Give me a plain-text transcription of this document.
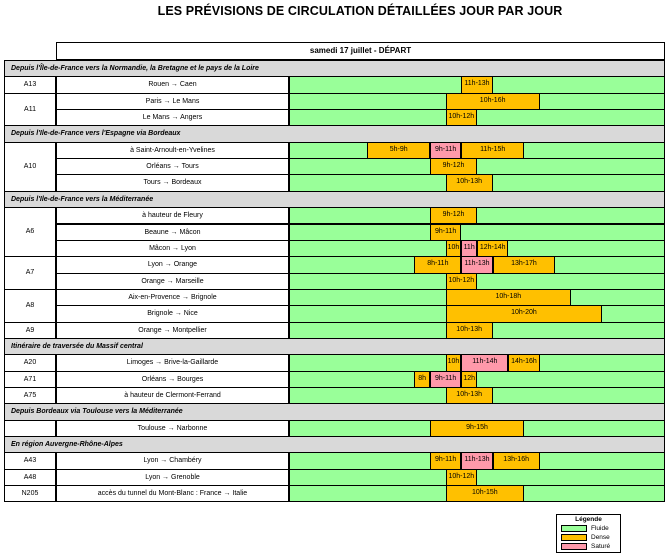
LES PRÉVISIONS DE CIRCULATION DÉTAILLÉES JOUR PAR JOUR
samedi 17 juillet - DÉPART
Depuis l'Île-de-France vers la Normandie, la Bretagne et le pays de la Loire
A13	Rouen → Caen	11h-13h
A11
Paris → Le Mans	10h-16h
Le Mans → Angers	10h-12h
Depuis l'Ile-de-France vers l'Espagne via Bordeaux
A10
à Saint-Arnoult-en-Yvelines	5h-9h	9h-11h	11h-15h
Orléans → Tours	9h-12h
Tours → Bordeaux	10h-13h
Depuis l'Ile-de-France vers la Méditerranée
A6
à hauteur de Fleury	9h-12h
Beaune → Mâcon	9h-11h
Mâcon → Lyon	10h 11h 12h-14h
A7
Lyon → Orange	8h-11h	11h-13h	13h-17h
Orange → Marseille	10h-12h
A8
Aix-en-Provence → Brignole	10h-18h
Brignole → Nice	10h-20h
A9	Orange → Montpellier	10h-13h
Itinéraire de traversée du Massif central
A20	Limoges → Brive-la-Gaillarde	10h	11h-14h	14h-16h
A71	Orléans → Bourges	8h	9h-11h	12h
A75	à hauteur de Clermont-Ferrand	10h-13h
Depuis Bordeaux via Toulouse vers la Méditerranée
Toulouse → Narbonne	9h-15h
En région Auvergne-Rhône-Alpes
A43	Lyon → Chambéry	9h-11h	11h-13h	13h-16h
A48	Lyon → Grenoble	10h-12h
N205	accès du tunnel du Mont-Blanc : France → Italie	10h-15h
Légende
Fluide
Dense
Saturé
